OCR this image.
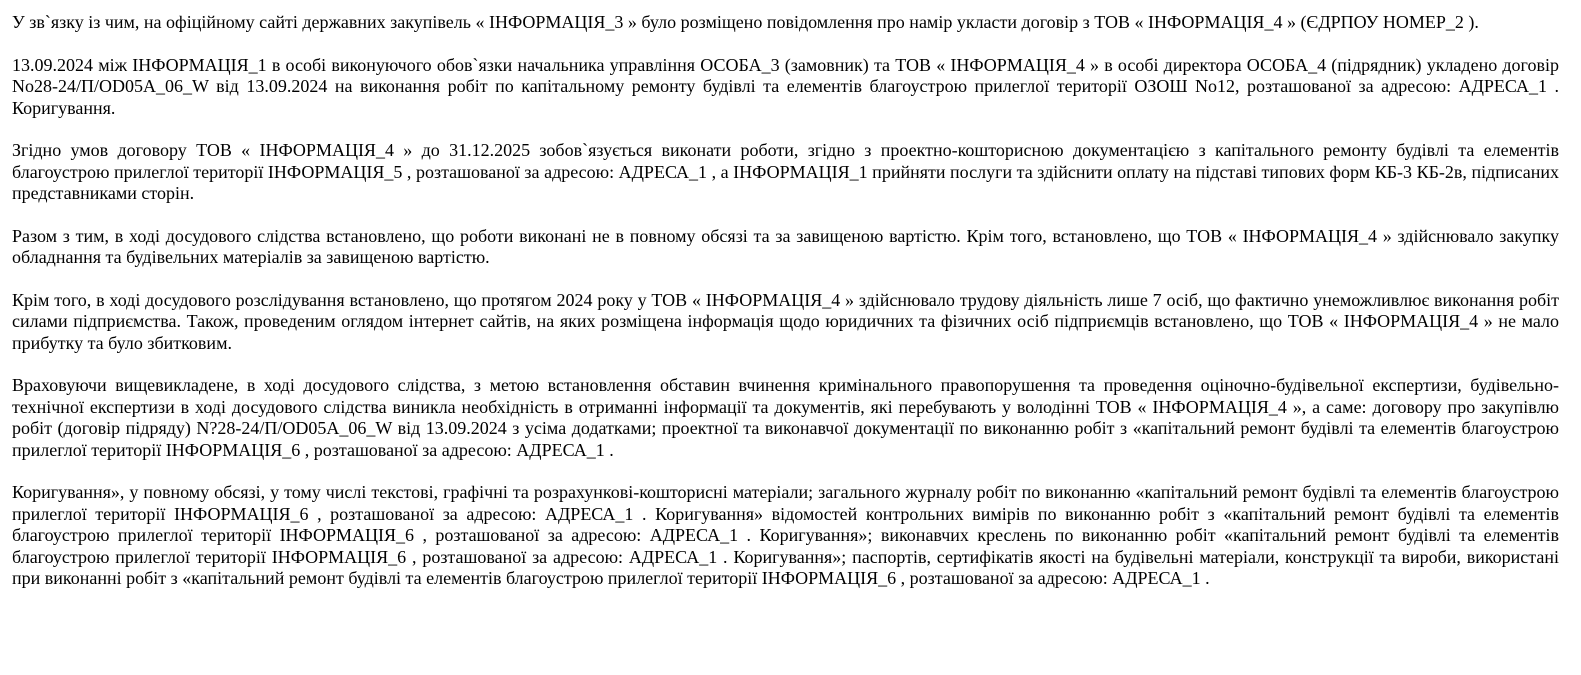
У зв`язку із чим, на офіційному сайті державних закупівель « ІНФОРМАЦІЯ_3 » було розміщено повідомлення про намір укласти договір з ТОВ « ІНФОРМАЦІЯ_4 » (ЄДРПОУ НОМЕР_2 ).

13.09.2024 між ІНФОРМАЦІЯ_1 в особі виконуючого обов`язки начальника управління ОСОБА_3 (замовник) та ТОВ « ІНФОРМАЦІЯ_4 » в особі директора ОСОБА_4 (підрядник) укладено договір No28-24/П/OD05A_06_W від 13.09.2024 на виконання робіт по капітальному ремонту будівлі та елементів благоустрою прилеглої території ОЗОШ No12, розташованої за адресою: АДРЕСА_1 . Коригування.

Згідно умов договору ТОВ « ІНФОРМАЦІЯ_4 » до 31.12.2025 зобов`язується виконати роботи, згідно з проектно-кошторисною документацією з капітального ремонту будівлі та елементів благоустрою прилеглої території ІНФОРМАЦІЯ_5 , розташованої за адресою: АДРЕСА_1 , а ІНФОРМАЦІЯ_1 прийняти послуги та здійснити оплату на підставі типових форм КБ-3 КБ-2в, підписаних представниками сторін.

Разом з тим, в ході досудового слідства встановлено, що роботи виконані не в повному обсязі та за завищеною вартістю. Крім того, встановлено, що ТОВ « ІНФОРМАЦІЯ_4 » здійснювало закупку обладнання та будівельних матеріалів за завищеною вартістю.

Крім того, в ході досудового розслідування встановлено, що протягом 2024 року у ТОВ « ІНФОРМАЦІЯ_4 » здійснювало трудову діяльність лише 7 осіб, що фактично унеможливлює виконання робіт силами підприємства. Також, проведеним оглядом інтернет сайтів, на яких розміщена інформація щодо юридичних та фізичних осіб підприємців встановлено, що ТОВ « ІНФОРМАЦІЯ_4 » не мало прибутку та було збитковим.

Враховуючи вищевикладене, в ході досудового слідства, з метою встановлення обставин вчинення кримінального правопорушення та проведення оціночно-будівельної експертизи, будівельно-технічної експертизи в ході досудового слідства виникла необхідність в отриманні інформації та документів, які перебувають у володінні ТОВ « ІНФОРМАЦІЯ_4 », а саме: договору про закупівлю робіт (договір підряду) N?28-24/П/OD05A_06_W від 13.09.2024 з усіма додатками; проектної та виконавчої документації по виконанню робіт з «капітальний ремонт будівлі та елементів благоустрою прилеглої території ІНФОРМАЦІЯ_6 , розташованої за адресою: АДРЕСА_1 .

Коригування», у повному обсязі, у тому числі текстові, графічні та розрахункові-кошторисні матеріали; загального журналу робіт по виконанню «капітальний ремонт будівлі та елементів благоустрою прилеглої території ІНФОРМАЦІЯ_6 , розташованої за адресою: АДРЕСА_1 . Коригування» відомостей контрольних вимірів по виконанню робіт з «капітальний ремонт будівлі та елементів благоустрою прилеглої території ІНФОРМАЦІЯ_6 , розташованої за адресою: АДРЕСА_1 . Коригування»; виконавчих креслень по виконанню робіт «капітальний ремонт будівлі та елементів благоустрою прилеглої території ІНФОРМАЦІЯ_6 , розташованої за адресою: АДРЕСА_1 . Коригування»; паспортів, сертифікатів якості на будівельні матеріали, конструкції та вироби, використані при виконанні робіт з «капітальний ремонт будівлі та елементів благоустрою прилеглої території ІНФОРМАЦІЯ_6 , розташованої за адресою: АДРЕСА_1 .
